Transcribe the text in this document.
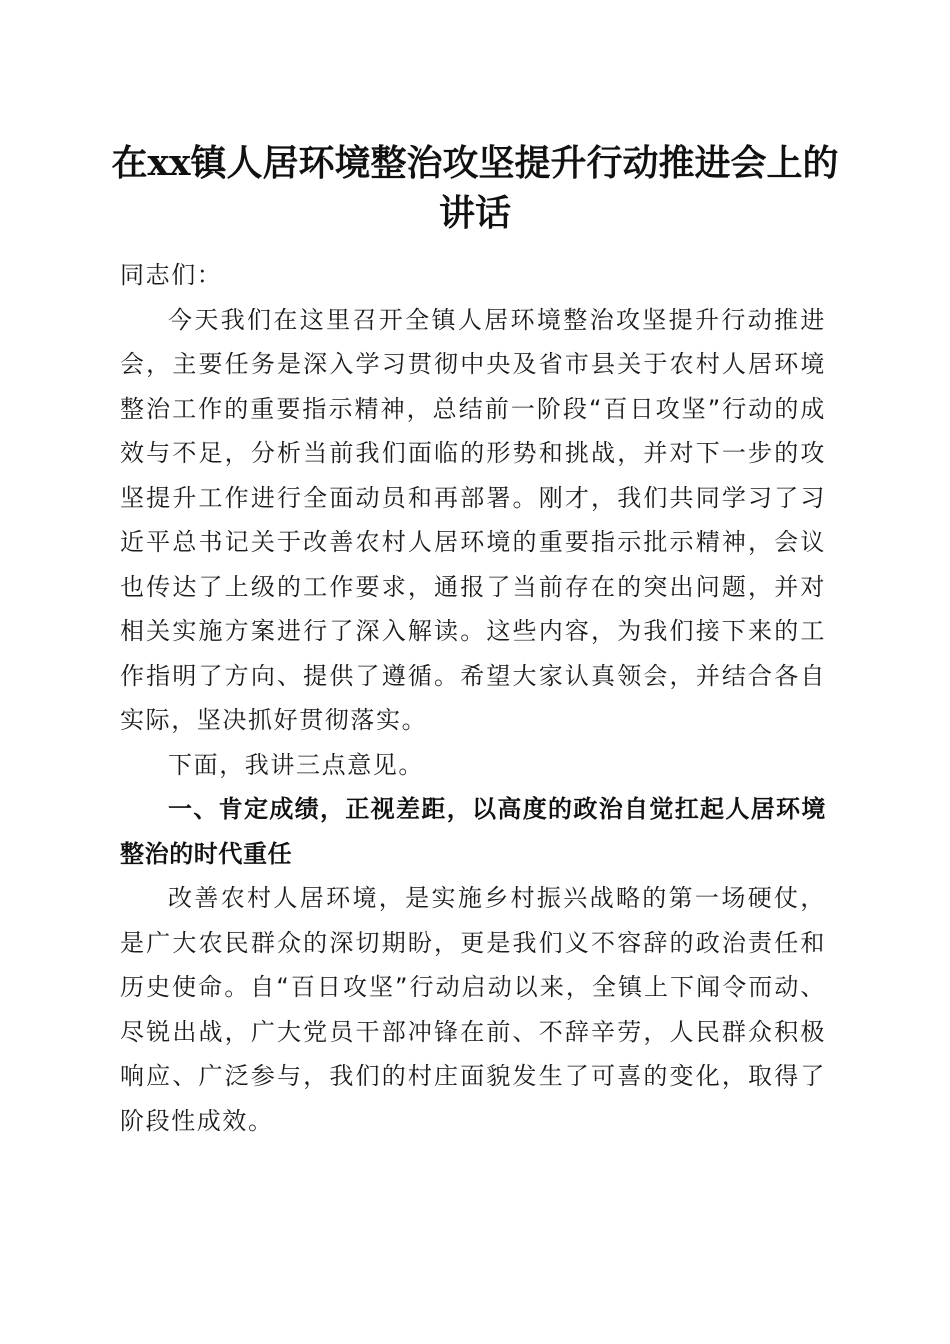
在xx镇人居环境整治攻坚提升行动推进会上的讲话

同志们：

今天我们在这里召开全镇人居环境整治攻坚提升行动推进会，主要任务是深入学习贯彻中央及省市县关于农村人居环境整治工作的重要指示精神，总结前一阶段“百日攻坚”行动的成效与不足，分析当前我们面临的形势和挑战，并对下一步的攻坚提升工作进行全面动员和再部署。刚才，我们共同学习了习近平总书记关于改善农村人居环境的重要指示批示精神，会议也传达了上级的工作要求，通报了当前存在的突出问题，并对相关实施方案进行了深入解读。这些内容，为我们接下来的工作指明了方向、提供了遵循。希望大家认真领会，并结合各自实际，坚决抓好贯彻落实。

下面，我讲三点意见。

一、肯定成绩，正视差距，以高度的政治自觉扛起人居环境整治的时代重任

改善农村人居环境，是实施乡村振兴战略的第一场硬仗，是广大农民群众的深切期盼，更是我们义不容辞的政治责任和历史使命。自“百日攻坚”行动启动以来，全镇上下闻令而动、尽锐出战，广大党员干部冲锋在前、不辞辛劳，人民群众积极响应、广泛参与，我们的村庄面貌发生了可喜的变化，取得了阶段性成效。
